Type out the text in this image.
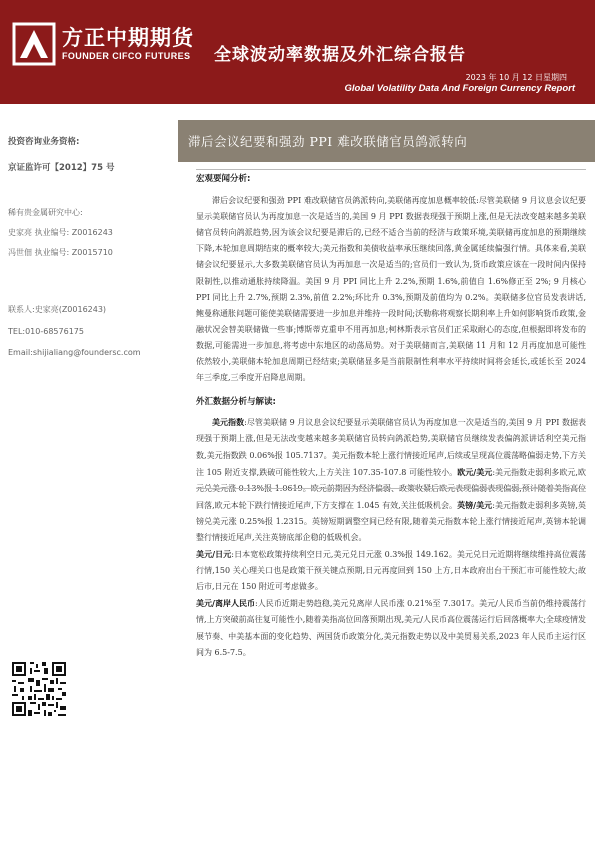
方正中期期货
FOUNDER CIFCO FUTURES 全球波动率数据及外汇综合报告
2023 年 10 月 12 日星期四
Global Volatility Data And Foreign Currency Report
投资咨询业务资格:
京证监许可【2012】75 号
稀有贵金属研究中心:
史家亮 执业编号: Z0016243
冯世佃 执业编号: Z0015710
联系人:史家亮(Z0016243)
TEL:010-68576175
Email:shijialiang@foundersc.com
滞后会议纪要和强劲 PPI 难改联储官员鸽派转向
宏观要闻分析:
滞后会议纪要和强劲 PPI 难改联储官员鸽派转向,美联储再度加息概率较低:尽管美联储 9 月议息会议纪要显示美联储官员认为再度加息一次是适当的,美国 9 月 PPI 数据表现强于预期上涨,但是无法改变越来越多美联储官员转向鸽派趋势,因为该会议纪要是滞后的,已经不适合当前的经济与政策环境,美联储再度加息的预期继续下降,本轮加息周期结束的概率较大;美元指数和美债收益率承压继续回落,黄金属延续偏强行情。具体来看,美联储会议纪要显示,大多数美联储官员认为再加息一次是适当的;官员们一致认为,货币政策应该在一段时间内保持限制性,以推动通胀持续降温。美国 9 月 PPI 同比上升 2.2%,预期 1.6%,前值自 1.6%修正至 2%; 9 月核心 PPI 同比上升 2.7%,预期 2.3%,前值 2.2%;环比升 0.3%,预期及前值均为 0.2%。美联储多位官员发表讲话,鲍曼称通胀问题可能使美联储需要进一步加息并维持一段时间;沃勒称将观察长期利率上升如何影响货币政策,金融状况会替美联储做一些事;博斯蒂克重申不用再加息;柯林斯表示官员们正采取耐心的态度,但根据即将发布的数据,可能需进一步加息,将考虑中东地区的动荡局势。对于美联储而言,美联储 11 月和 12 月再度加息可能性依然较小,美联储本轮加息周期已经结束;美联储显多是当前限制性利率水平持续时间将会延长,或延长至 2024 年三季度,三季度开启降息周期。
外汇数据分析与解读:
美元指数:尽管美联储 9 月议息会议纪要显示美联储官员认为再度加息一次是适当的,美国 9 月 PPI 数据表现强于预期上涨,但是无法改变越来越多美联储官员转向鸽派趋势,美联储官员继续发表偏鸽派讲话利空美元指数,美元指数跌 0.06%报 105.7137。美元指数本轮上涨行情接近尾声,后续或呈现高位震荡略偏弱走势,下方关注 105 附近支撑,跌破可能性较大,上方关注 107.35-107.8 可能性较小。欧元/美元:美元指数走弱利多欧元,欧元兑美元涨 0.13%报 1.0619。欧元前期因为经济偏弱、政策收紧后欧元表现偏弱表现偏弱,预计随着美指高位回落,欧元本轮下跌行情接近尾声,下方支撑在 1.045 有效,关注低吸机会。英镑/美元:美元指数走弱利多英镑,英镑兑美元涨 0.25%报 1.2315。英镑短期调整空间已经有限,随着美元指数本轮上涨行情接近尾声,英镑本轮调整行情接近尾声,关注英镑底部企稳的低吸机会。
美元/日元:日本宽松政策持续利空日元,美元兑日元涨 0.3%报 149.162。美元兑日元近期将继续维持高位震荡行情,150 关心理关口也是政策干预关键点预期,日元再度回到 150 上方,日本政府出台干预汇市可能性较大;故后市,日元在 150 附近可考虑做多。
美元/离岸人民币:人民币近期走势趋稳,美元兑离岸人民币涨 0.21%至 7.3017。美元/人民币当前仍维持震荡行情,上方突破前高往复可能性小,随着美指高位回落预期出现,美元/人民币高位震荡运行后回落概率大;全球疫情发展节奏、中美基本面的变化趋势、两国货币政策分化,美元指数走势以及中美贸易关系,2023 年人民币主运行区间为 6.5-7.5。
